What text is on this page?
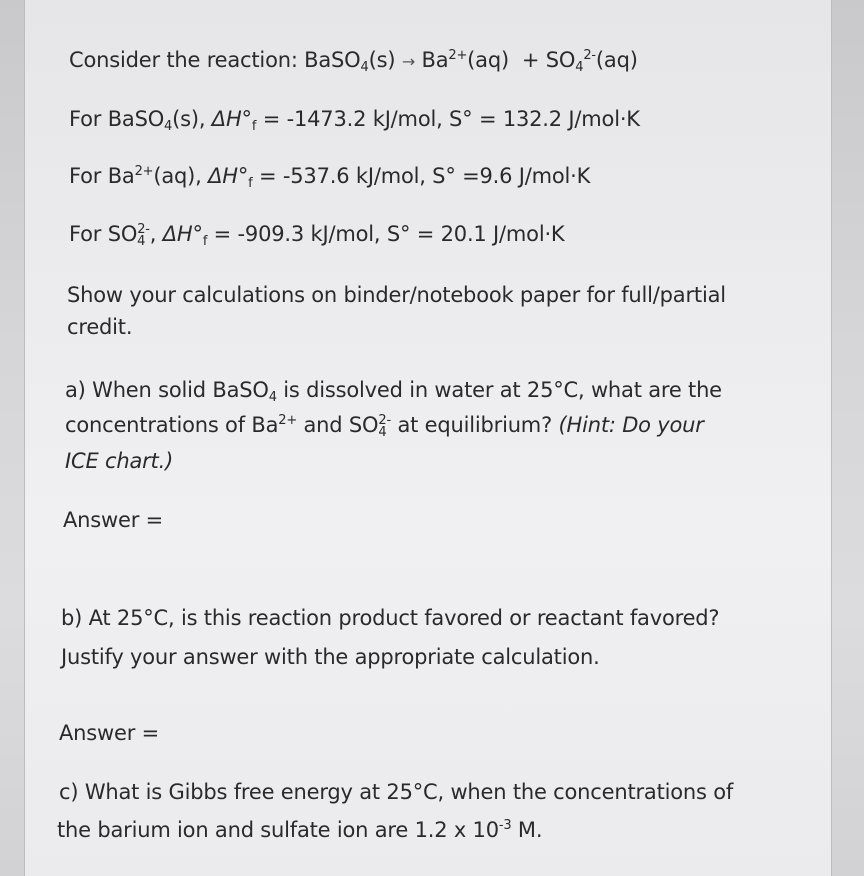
Consider the reaction: BaSO$_4$(s) → $Ba^{2+}(aq) + SO_4^{2-}(aq)$
For BaSO$_4$(s), $\Delta H^\circ_f = -1473.2$ kJ/mol, S° = 132.2 J/mol·K
For $Ba^{2+}(aq)$, $\Delta H^\circ_f = -537.6$ kJ/mol, S° =9.6 J/mol·K
For $SO_4^{2-}$, $\Delta H^\circ_f = -909.3$ kJ/mol, S° = 20.1 J/mol·K
Show your calculations on binder/notebook paper for full/partial
credit.
a) When solid BaSO$_4$ is dissolved in water at 25°C, what are the
concentrations of $Ba^{2+}$ and $SO_4^{2-}$ at equilibrium? (Hint: Do your
ICE chart.)
Answer =
b) At 25°C, is this reaction product favored or reactant favored?
Justify your answer with the appropriate calculation.
Answer =
c) What is Gibbs free energy at 25°C, when the concentrations of
the barium ion and sulfate ion are 1.2 x $10^{-3}$ M.
